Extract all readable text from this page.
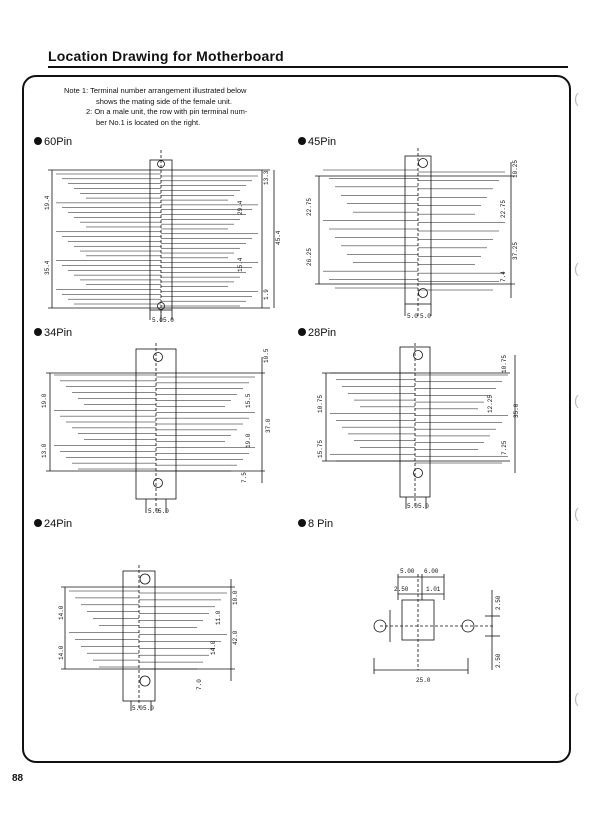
Location Drawing for Motherboard
Note 1: Terminal number arrangement illustrated below
shows the mating side of the female unit.
2: On a male unit, the row with pin terminal num-
ber No.1 is located on the right.
60Pin	45Pin
34Pin	28Pin
24Pin	8 Pin
5.0 5.0
19.4
35.4
13.3
29.4
15.4
45.4
1.9
5.0 5.0
22.75
26.25
10.25
22.75
37.25
7.4
5.0 5.0
19.0
13.0
10.5
15.5
19.0
37.0
7.5
5.0 5.0
10.75
15.75
10.75
12.25	35.0
7.25
5.0 5.0
14.0
14.0
10.0
11.0
14.0
42.0
7.0
5.00 6.00
2.50	1.01
25.0
2.50
2.50
88
(
(
(
(
(
